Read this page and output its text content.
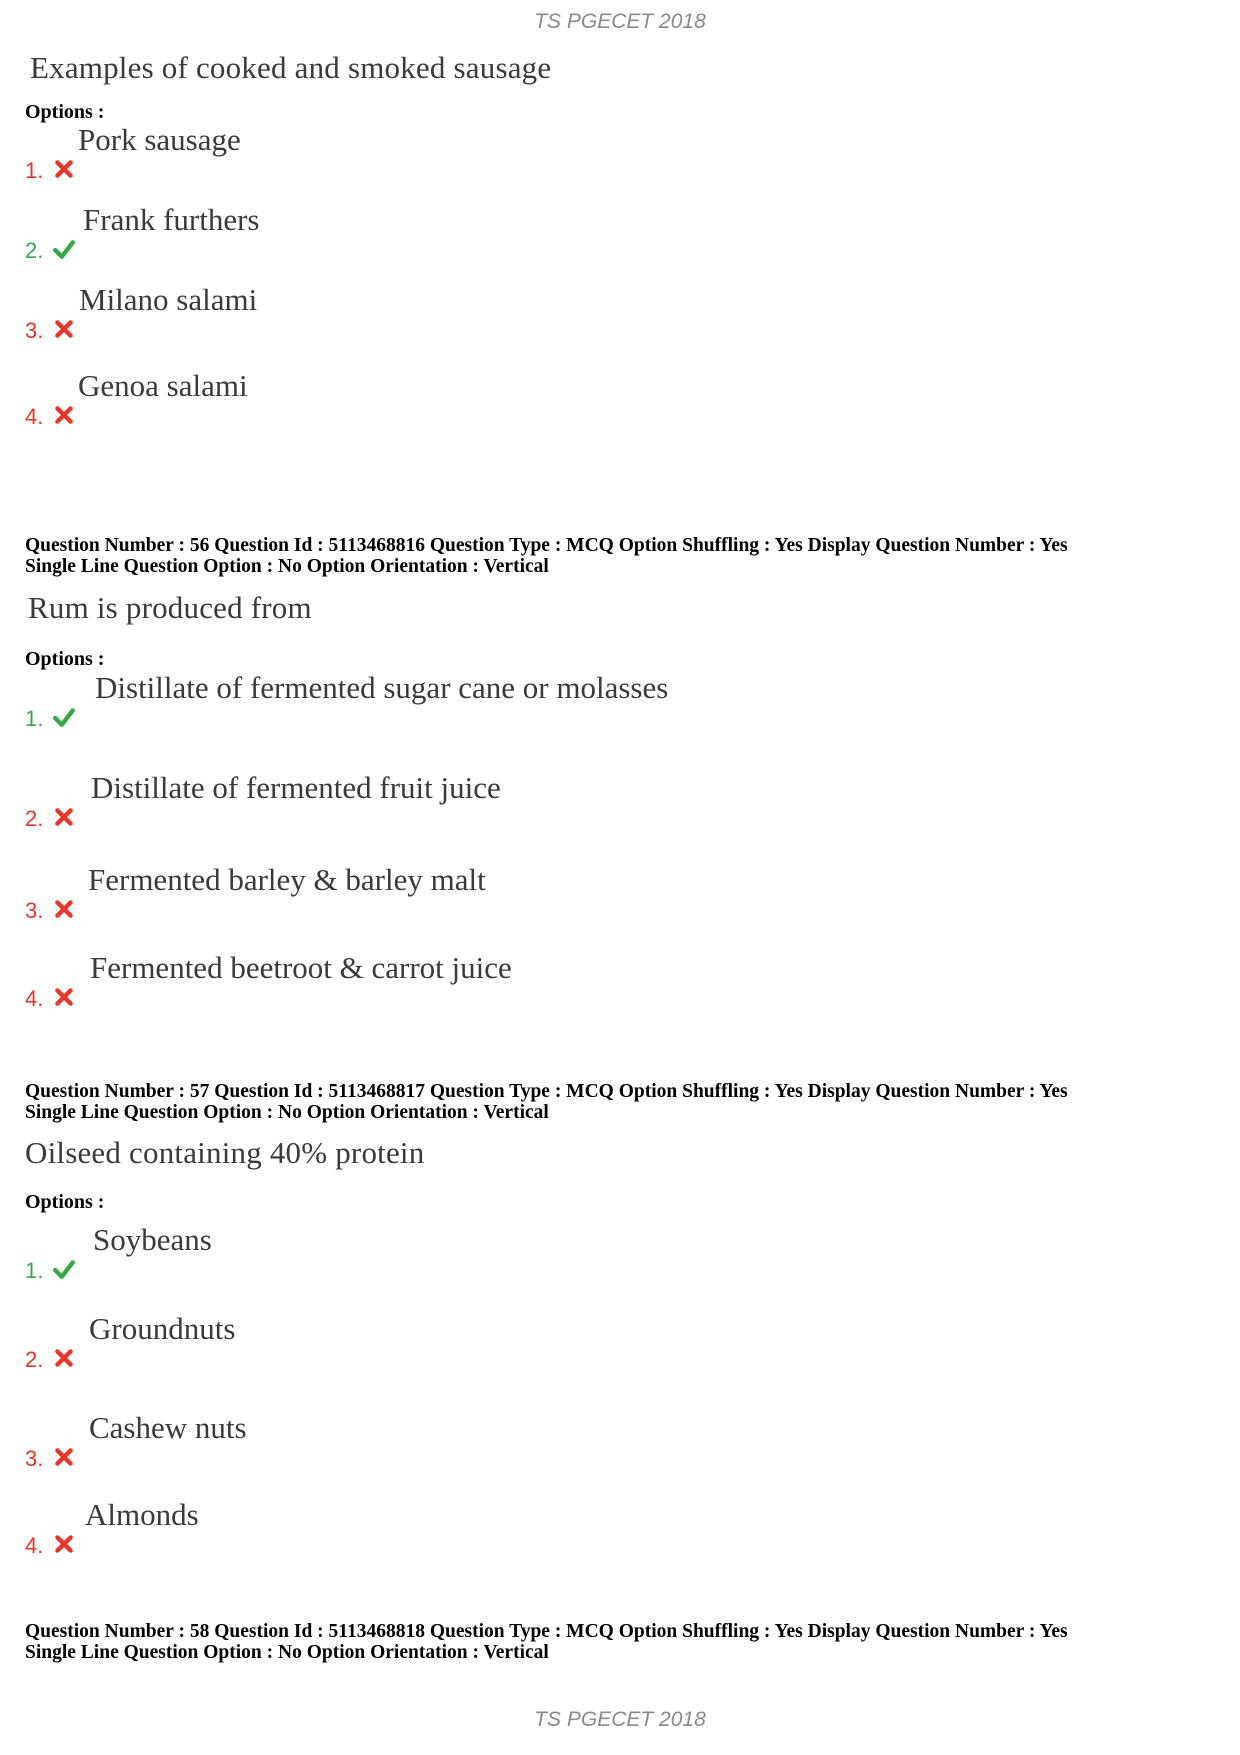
TS PGECET 2018
Examples of cooked and smoked sausage
Options :
1.
Pork sausage
2.
Frank furthers
3.
Milano salami
4.
Genoa salami
Question Number : 56 Question Id : 5113468816 Question Type : MCQ Option Shuffling : Yes Display Question Number : Yes
Single Line Question Option : No Option Orientation : Vertical
Rum is produced from
Options :
1.
Distillate of fermented sugar cane or molasses
2.
Distillate of fermented fruit juice
3.
Fermented barley & barley malt
4.
Fermented beetroot & carrot juice
Question Number : 57 Question Id : 5113468817 Question Type : MCQ Option Shuffling : Yes Display Question Number : Yes
Single Line Question Option : No Option Orientation : Vertical
Oilseed containing 40% protein
Options :
1.
Soybeans
2.
Groundnuts
3.
Cashew nuts
4.
Almonds
Question Number : 58 Question Id : 5113468818 Question Type : MCQ Option Shuffling : Yes Display Question Number : Yes
Single Line Question Option : No Option Orientation : Vertical
TS PGECET 2018
